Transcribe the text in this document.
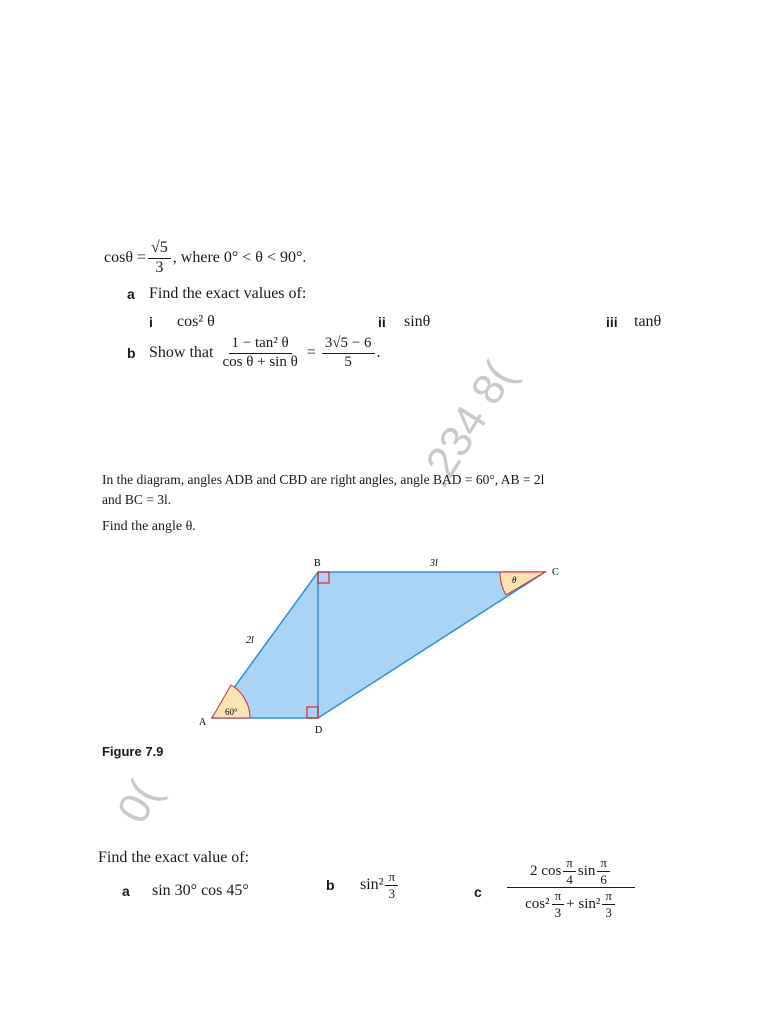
.234 8(
0(
$\cos\theta = \frac{√5}{3}$ , where 0° < θ < 90°.
a Find the exact values of:
i	cos² θ	ii	sinθ	iii	tanθ
b Show that $\frac{\text{1 − tan² θ}}{\text{cos θ + sin θ}} = \frac{3√5 - 6}{5}$ .
In the diagram, angles ADB and CBD are right angles, angle BAD = 60°, AB = 2l
and BC = 3l.
Find the angle θ.
A
B
C
D
2l
3l
60°
θ
Figure 7.9
Find the exact value of:
a	sin 30° cos 45°	b	$\sin^2 \frac{\pi}{3}$	c
2 $\cos \frac{\pi}{4}$ $\sin \frac{\pi}{6}$
$\cos^2 \frac{\pi}{3} + \sin^2 \frac{\pi}{3}$
